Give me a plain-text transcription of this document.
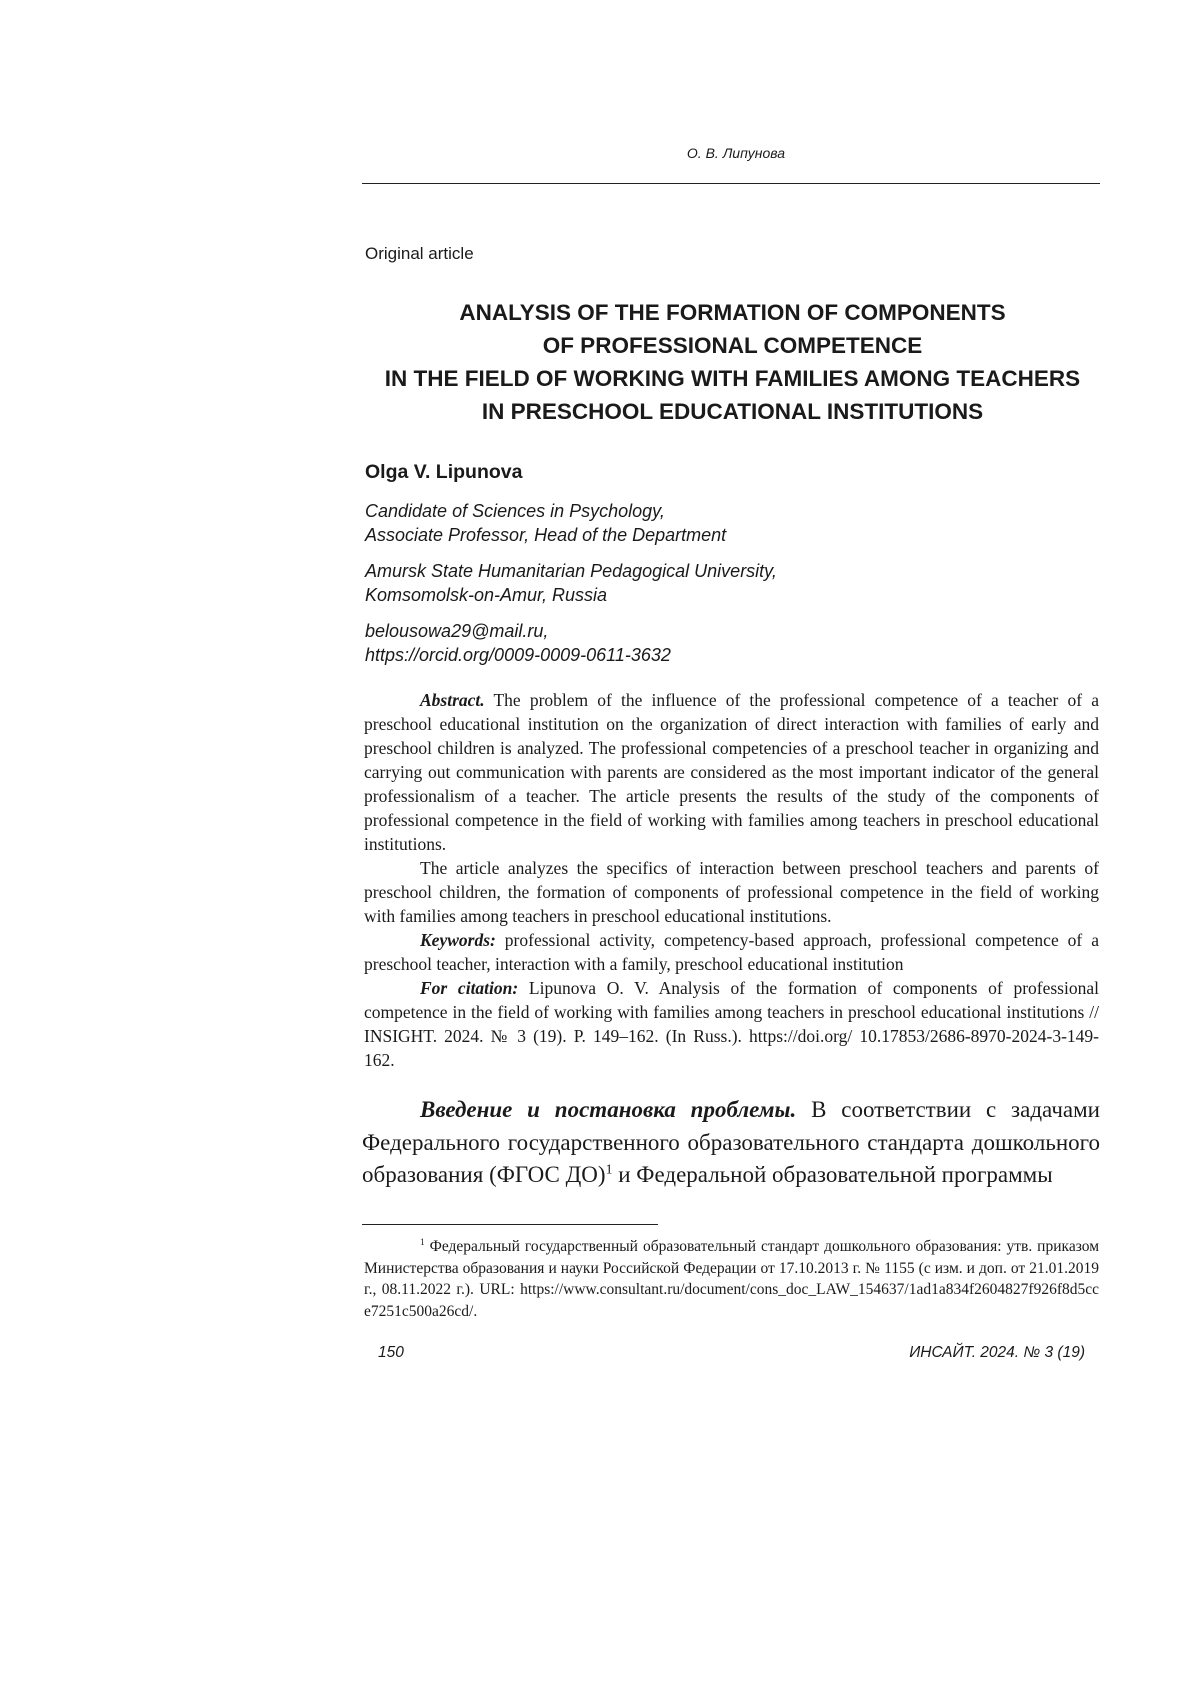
О. В. Липунова
Original article
ANALYSIS OF THE FORMATION OF COMPONENTS
OF PROFESSIONAL COMPETENCE
IN THE FIELD OF WORKING WITH FAMILIES AMONG TEACHERS
IN PRESCHOOL EDUCATIONAL INSTITUTIONS
Olga V. Lipunova
Candidate of Sciences in Psychology,
Associate Professor, Head of the Department
Amursk State Humanitarian Pedagogical University,
Komsomolsk-on-Amur, Russia
belousowa29@mail.ru,
https://orcid.org/0009-0009-0611-3632

Abstract. The problem of the influence of the professional competence of a teacher of a preschool educational institution on the organization of direct interaction with families of early and preschool children is analyzed. The professional competencies of a preschool teacher in organizing and carrying out communication with parents are considered as the most important indicator of the general professionalism of a teacher. The article presents the results of the study of the components of professional competence in the field of working with families among teachers in preschool educational institutions.

The article analyzes the specifics of interaction between preschool teachers and parents of preschool children, the formation of components of professional competence in the field of working with families among teachers in preschool educational institutions.

Keywords: professional activity, competency-based approach, professional competence of a preschool teacher, interaction with a family, preschool educational institution

For citation: Lipunova O. V. Analysis of the formation of components of professional competence in the field of working with families among teachers in preschool educational institutions // INSIGHT. 2024. № 3 (19). P. 149–162. (In Russ.). https://doi.org/ 10.17853/2686-8970-2024-3-149-162.

Введение и постановка проблемы. В соответствии с задачами Федерального государственного образовательного стандарта дошкольного образования (ФГОС ДО)$^1$ и Федеральной образовательной программы

$^1$ Федеральный государственный образовательный стандарт дошкольного образования: утв. приказом Министерства образования и науки Российской Федерации от 17.10.2013 г. № 1155 (с изм. и доп. от 21.01.2019 г., 08.11.2022 г.). URL: https://www.consultant.ru/document/cons_doc_LAW_154637/1ad1a834f2604827f926f8d5cce7251c500a26cd/.

150	ИНСАЙТ. 2024. № 3 (19)
